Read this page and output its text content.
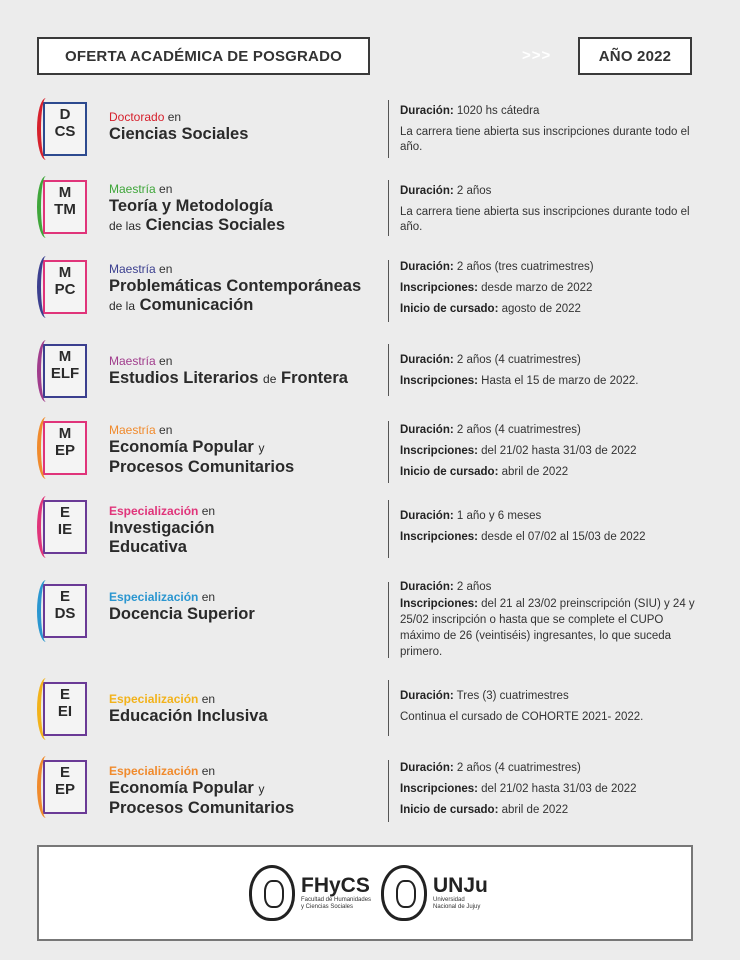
OFERTA ACADÉMICA DE POSGRADO	>>>	AÑO 2022
D
CS
Doctorado en
Ciencias Sociales
Duración: 1020 hs cátedra
La carrera tiene abierta sus inscripciones durante todo el año.
M
TM
Maestría en
Teoría y Metodología
de las Ciencias Sociales
Duración: 2 años
La carrera tiene abierta sus inscripciones durante todo el año.
M
PC
Maestría en
Problemáticas Contemporáneas
de la Comunicación
Duración: 2 años (tres cuatrimestres)
Inscripciones: desde marzo de 2022
Inicio de cursado: agosto de 2022
M
ELF
Maestría en
Estudios Literarios de Frontera
Duración: 2 años (4 cuatrimestres)
Inscripciones: Hasta el 15 de marzo de 2022.
M
EP
Maestría en
Economía Popular y
Procesos Comunitarios
Duración: 2 años (4 cuatrimestres)
Inscripciones: del 21/02 hasta 31/03 de 2022
Inicio de cursado: abril de 2022
E
IE
Especialización en
Investigación
Educativa
Duración: 1 año y 6 meses
Inscripciones: desde el 07/02 al 15/03 de 2022
E
DS
Especialización en
Docencia Superior
Duración: 2 años
Inscripciones: del 21 al 23/02 preinscripción (SIU) y 24 y 25/02 inscripción o hasta que se complete el CUPO máximo de 26 (veintiséis) ingresantes, lo que suceda primero.
E
EI
Especialización en
Educación Inclusiva
Duración: Tres (3) cuatrimestres
Continua el cursado de COHORTE 2021- 2022.
E
EP
Especialización en
Economía Popular y
Procesos Comunitarios
Duración: 2 años (4 cuatrimestres)
Inscripciones: del 21/02 hasta 31/03 de 2022
Inicio de cursado: abril de 2022
FHyCS
Facultad de Humanidades
y Ciencias Sociales
UNJu
Universidad
Nacional de Jujuy
